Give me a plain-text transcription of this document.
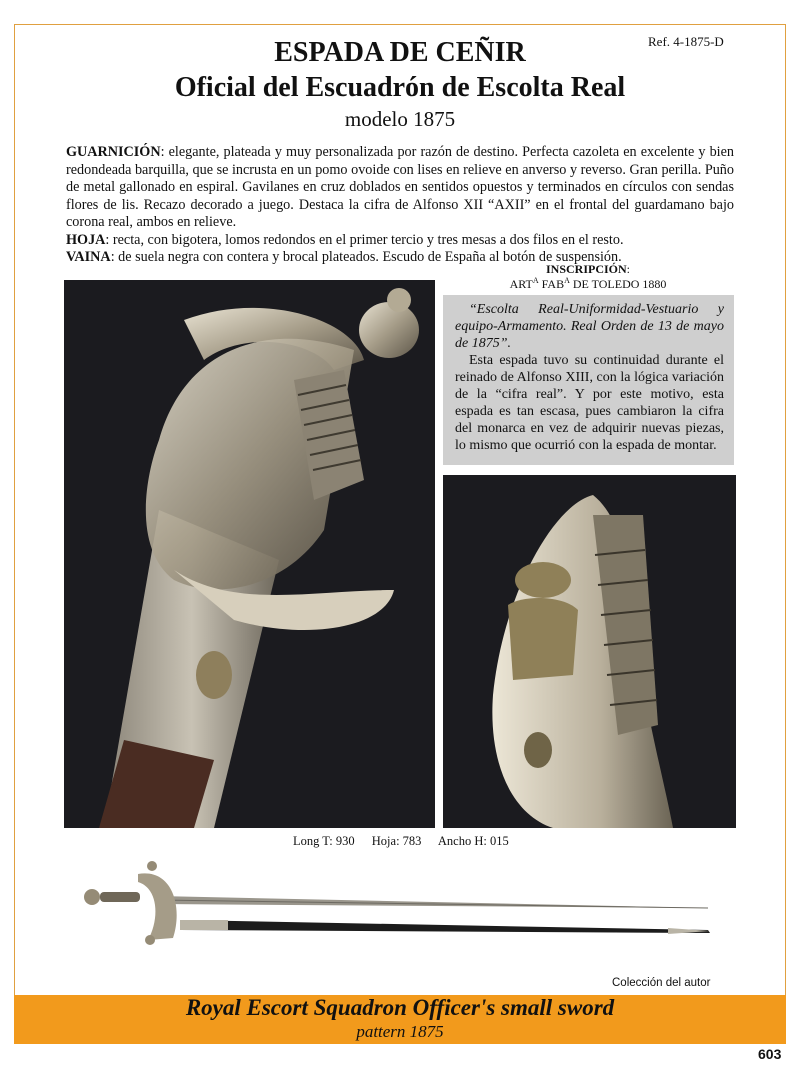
Ref. 4-1875-D
ESPADA DE CEÑIR
Oficial del Escuadrón de Escolta Real
modelo 1875

GUARNICIÓN: elegante, plateada y muy personalizada por razón de destino. Perfecta cazoleta en excelente y bien redondeada barquilla, que se incrusta en un pomo ovoide con lises en relieve en anverso y reverso. Gran perilla. Puño de metal gallonado en espiral. Gavilanes en cruz doblados en sentidos opuestos y terminados en círculos con sendas flores de lis. Recazo decorado a juego. Destaca la cifra de Alfonso XII “AXII” en el frontal del guardamano bajo corona real, ambos en relieve.

HOJA: recta, con bigotera, lomos redondos en el primer tercio y tres mesas a dos filos en el resto.

VAINA: de suela negra con contera y brocal plateados. Escudo de España al botón de suspensión.

INSCRIPCIÓN:
$ART^A$ $FAB^A$ DE TOLEDO 1880

“Escolta Real-Uniformidad-Vestuario y equipo-Armamento. Real Orden de 13 de mayo de 1875”.

Esta espada tuvo su continuidad durante el reinado de Alfonso XIII, con la lógica variación de la “cifra real”. Y por este motivo, esta espada es tan escasa, pues cambiaron la cifra del monarca en vez de adquirir nuevas piezas, lo mismo que ocurrió con la espada de montar.

Long T: 930 Hoja: 783 Ancho H: 015
Colección del autor
Royal Escort Squadron Officer's small sword
pattern 1875
603
